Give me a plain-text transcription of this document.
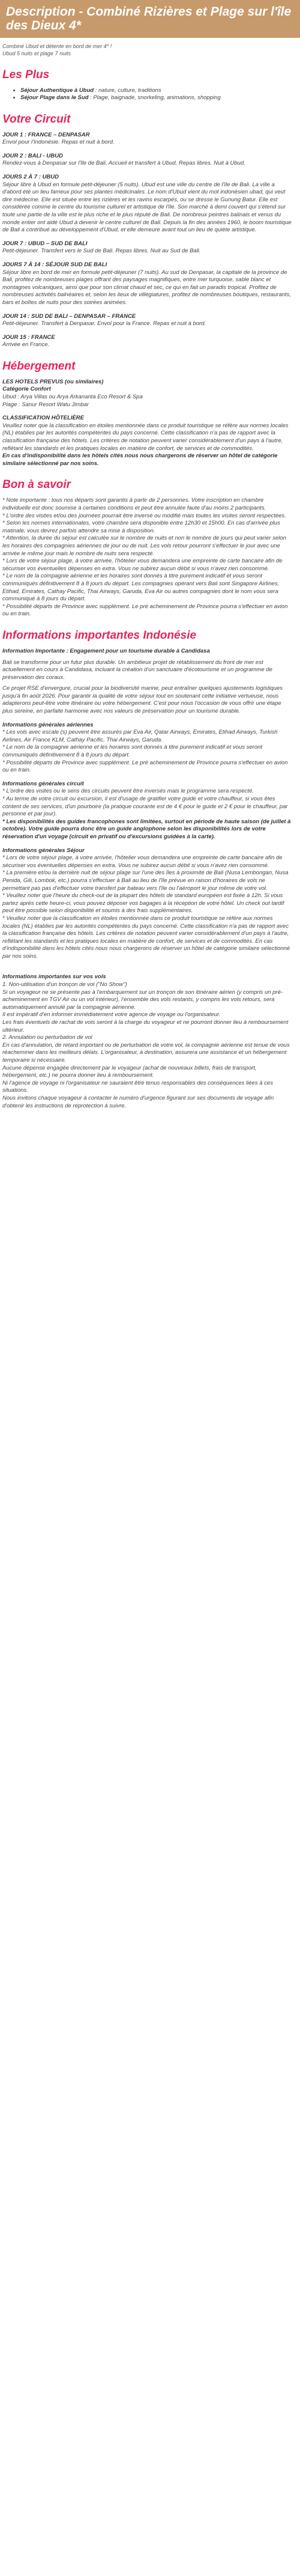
Description - Combiné Rizières et Plage sur l'île des Dieux 4*

Combiné Ubud et détente en bord de mer 4* !

Ubud 5 nuits et plage 7 nuits

Les Plus
• Séjour Authentique à Ubud : nature, culture, traditions
• Séjour Plage dans le Sud : Plage, baignade, snorkeling, animations, shopping
Votre Circuit

JOUR 1 : FRANCE – DENPASAR

Envol pour l'Indonésie. Repas et nuit à bord.

JOUR 2 : BALI - UBUD

Rendez-vous à Denpasar sur l'île de Bali. Accueil et transfert à Ubud. Repas libres. Nuit à Ubud.

JOURS 2 À 7 : UBUD

Séjour libre à Ubud en formule petit-déjeuner (5 nuits). Ubud est une ville du centre de l'île de Bali. La ville a d'abord été un lieu fameux pour ses plantes médicinales. Le nom d'Ubud vient du mot indonésien ubad, qui veut dire médecine. Elle est située entre les rizières et les ravins escarpés, ou se dresse le Gunung Batur. Elle est considérée comme le centre du tourisme culturel et artistique de l'île. Son marché à demi couvert qui s'étend sur toute une partie de la ville est le plus riche et le plus réputé de Bali. De nombreux peintres balinais et venus du monde entier ont aidé Ubud à devenir le centre culturel de Bali. Depuis la fin des années 1960, le boom touristique de Bali a contribué au développement d'Ubud, et elle demeure avant tout un lieu de quiète artistique.

JOUR 7 : UBUD – SUD DE BALI

Petit-déjeuner. Transfert vers le Sud de Bali. Repas libres. Nuit au Sud de Bali.

JOURS 7 À 14 : SÉJOUR SUD DE BALI

Séjour libre en bord de mer en formule petit-déjeuner (7 nuits). Au sud de Denpasar, la capitale de la province de Bali, profitez de nombreuses plages offrant des paysages magnifiques, entre mer turquoise, sable blanc et montagnes volcaniques, ainsi que pour son climat chaud et sec, ce qui en fait un paradis tropical. Profitez de nombreuses activités balnéaires et, selon les lieux de villégiatures, profitez de nombreuses boutiques, restaurants, bars et boîtes de nuits pour des soirées animées.

JOUR 14 : SUD DE BALI – DENPASAR – FRANCE

Petit-déjeuner. Transfert à Denpasar. Envol pour la France. Repas et nuit à bord.

JOUR 15 : FRANCE

Arrivée en France.

Hébergement

LES HOTELS PREVUS (ou similaires)

Catégorie Confort

Ubud : Arya Villas ou Arya Arkananta Eco Resort & Spa

Plage : Sanur Resort Watu Jimbar

CLASSIFICATION HÔTELIÈRE

Veuillez noter que la classification en étoiles mentionnée dans ce produit touristique se réfère aux normes locales (NL) établies par les autorités compétentes du pays concerné. Cette classification n'a pas de rapport avec la classification française des hôtels. Les critères de notation peuvent varier considérablement d'un pays à l'autre, reflétant les standards et les pratiques locales en matière de confort, de services et de commodités.

En cas d'indisponibilité dans les hôtels cités nous nous chargerons de réserver un hôtel de catégorie similaire sélectionné par nos soins.

Bon à savoir

* Note importante : tous nos départs sont garantis à partir de 2 personnes. Votre inscription en chambre individuelle est donc soumise à certaines conditions et peut être annulée faute d'au moins 2 participants.

* L'ordre des visites et/ou des journées pourrait être inversé ou modifié mais toutes les visites seront respectées.

* Selon les normes internationales, votre chambre sera disponible entre 12h30 et 15h00. En cas d'arrivée plus matinale, vous devrez parfois attendre sa mise à disposition.

* Attention, la durée du séjour est calculée sur le nombre de nuits et non le nombre de jours qui peut varier selon les horaires des compagnies aériennes de jour ou de nuit. Les vols retour pourront s'effectuer le jour avec une arrivée le même jour mais le nombre de nuits sera respecté.

* Lors de votre séjour plage, à votre arrivée, l'hôtelier vous demandera une empreinte de carte bancaire afin de sécuriser vos éventuelles dépenses en extra. Vous ne subirez aucun débit si vous n'avez rien consommé.

* Le nom de la compagnie aérienne et les horaires sont donnés à titre purement indicatif et vous seront communiqués définitivement 8 à 8 jours du départ. Les compagnies opérant vers Bali sont Singapore Airlines, Etihad, Emirates, Cathay Pacific, Thai Airways, Garuda, Eva Air ou autres compagnies dont le nom vous sera communiqué à 8 jours du départ.

* Possibilité départs de Province avec supplément. Le pré acheminement de Province pourra s'effectuer en avion ou en train.

Informations importantes Indonésie

Information Importante : Engagement pour un tourisme durable à Candidasa

Bali se transforme pour un futur plus durable. Un ambitieux projet de rétablissement du front de mer est actuellement en cours à Candidasa, incluant la création d'un sanctuaire d'écotourisme et un programme de préservation des coraux.

Ce projet RSE d'envergure, crucial pour la biodiversité marine, peut entraîner quelques ajustements logistiques jusqu'à fin août 2026. Pour garantir la qualité de votre séjour tout en soutenant cette initiative vertueuse, nous adapterons peut-être votre itinéraire ou votre hébergement. C'est pour nous l'occasion de vous offrir une étape plus sereine, en parfaite harmonie avec nos valeurs de préservation pour un tourisme durable.

Informations générales aériennes

* Les vols avec escale (s) peuvent être assurés par Eva Air, Qatar Airways, Emirates, Etihad Airways, Turkish Airlines, Air France KLM, Cathay Pacific, Thai Airways, Garuda.

* Le nom de la compagnie aérienne et les horaires sont donnés à titre purement indicatif et vous seront communiqués définitivement 8 à 8 jours du départ.

* Possibilité départs de Province avec supplément. Le pré acheminement de Province pourra s'effectuer en avion ou en train.

Informations générales circuit

* L'ordre des visites ou le sens des circuits peuvent être inversés mais le programme sera respecté.

* Au terme de votre circuit ou excursion, il est d'usage de gratifier votre guide et votre chauffeur, si vous êtes content de ses services, d'un pourboire (la pratique courante est de 4 € pour le guide et 2 € pour le chauffeur, par personne et par jour).

* Les disponibilités des guides francophones sont limitées, surtout en période de haute saison (de juillet à octobre). Votre guide pourra donc être un guide anglophone selon les disponibilités lors de votre réservation d'un voyage (circuit en privatif ou d'excursions guidées à la carte).

Informations générales Séjour

* Lors de votre séjour plage, à votre arrivée, l'hôtelier vous demandera une empreinte de carte bancaire afin de sécuriser vos éventuelles dépenses en extra. Vous ne subirez aucun débit si vous n'avez rien consommé.

* La première et/ou la dernière nuit de séjour plage sur l'une des îles à proximité de Bali (Nusa Lembongan, Nusa Penida, Gili, Lombok, etc.) pourra s'effectuer à Bali au lieu de l'île prévue en raison d'horaires de vols ne permettant pas pas d'effectuer votre transfert par bateau vers l'île ou l'aéroport le jour même de votre vol.

* Veuillez noter que l'heure du check-out de la plupart des hôtels de standard européen est fixée à 12h. Si vous partez après cette heure-ci, vous pouvez déposer vos bagages à la réception de votre hôtel. Un check out tardif peut être possible selon disponibilité et soumis à des frais supplémentaires.

* Veuillez noter que la classification en étoiles mentionnée dans ce produit touristique se réfère aux normes locales (NL) établies par les autorités compétentes du pays concerné. Cette classification n'a pas de rapport avec la classification française des hôtels. Les critères de notation peuvent varier considérablement d'un pays à l'autre, reflétant les standards et les pratiques locales en matière de confort, de services et de commodités. En cas d'indisponibilité dans les hôtels cités nous nous chargerons de réserver un hôtel de catégorie similaire sélectionné par nos soins.

Informations importantes sur vos vols

1. Non-utilisation d'un tronçon de vol ("No Show")

Si un voyageur ne se présente pas à l'embarquement sur un tronçon de son itinéraire aérien (y compris un pré-acheminement en TGV Air ou un vol intérieur), l'ensemble des vols restants, y compris les vols retours, sera automatiquement annulé par la compagnie aérienne.

Il est impératif d'en informer immédiatement votre agence de voyage ou l'organisateur.

Les frais éventuels de rachat de vols seront à la charge du voyageur et ne pourront donner lieu à remboursement ultérieur.

2. Annulation ou perturbation de vol

En cas d'annulation, de retard important ou de perturbation de votre vol, la compagnie aérienne est tenue de vous réacheminer dans les meilleurs délais. L'organisateur, à destination, assurera une assistance et un hébergement temporaire si nécessaire.

Aucune dépense engagée directement par le voyageur (achat de nouveaux billets, frais de transport, hébergement, etc.) ne pourra donner lieu à remboursement.

Ni l'agence de voyage ni l'organisateur ne sauraient être tenus responsables des conséquences liées à ces situations.

Nous invitons chaque voyageur à contacter le numéro d'urgence figurant sur ses documents de voyage afin d'obtenir les instructions de réprotection à suivre.
